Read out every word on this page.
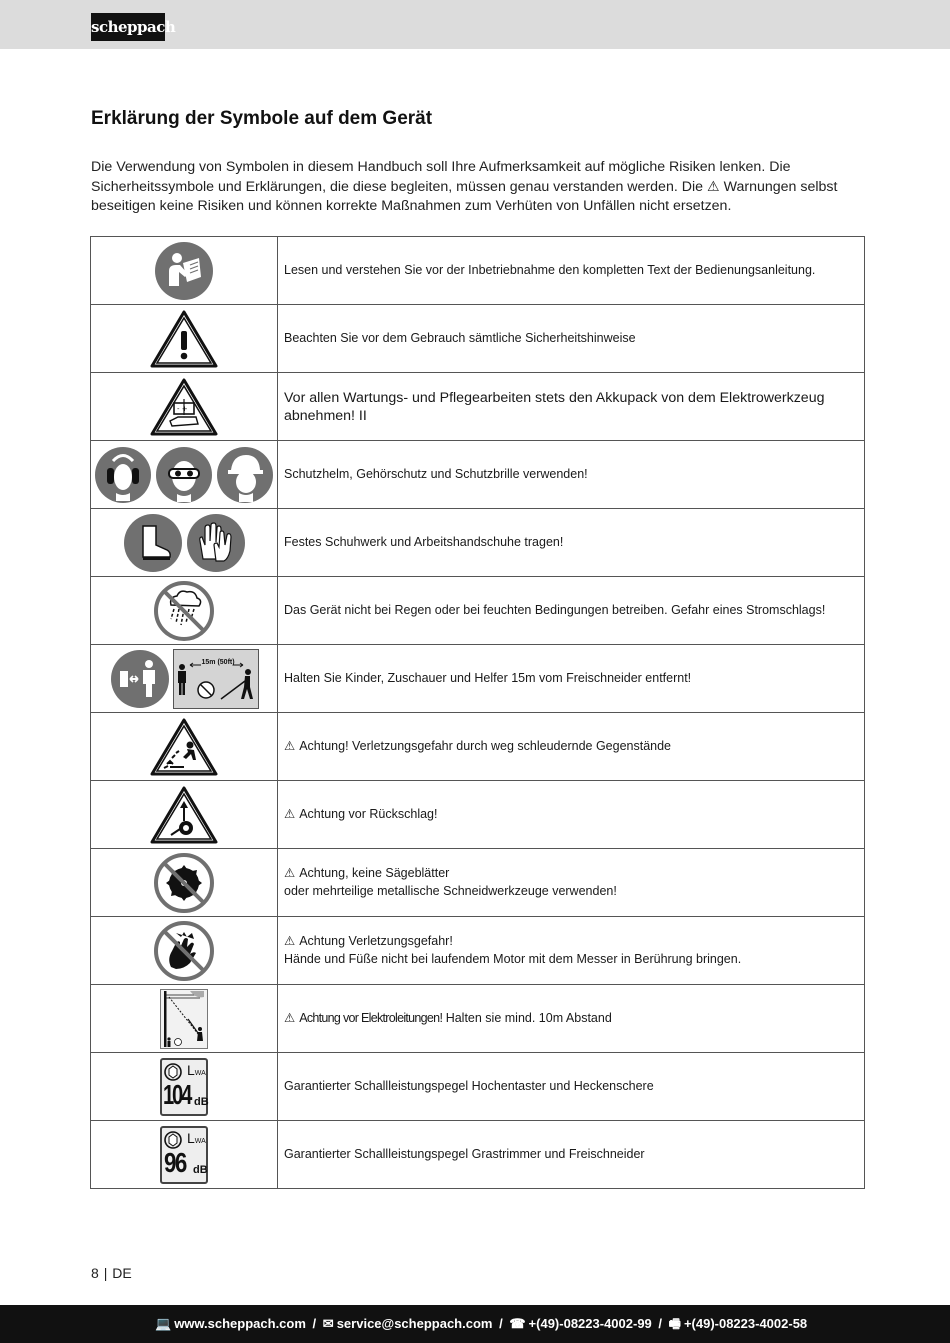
scheppach
Erklärung der Symbole auf dem Gerät

Die Verwendung von Symbolen in diesem Handbuch soll Ihre Aufmerksamkeit auf mögliche Risiken lenken. Die Sicherheitssymbole und Erklärungen, die diese begleiten, müssen genau verstanden werden. Die ⚠ Warnungen selbst beseitigen keine Risiken und können korrekte Maßnahmen zum Verhüten von Unfällen nicht ersetzen.

	Lesen und verstehen Sie vor der Inbetriebnahme den kompletten Text der Bedienungsanleitung.

	Beachten Sie vor dem Gebrauch sämtliche Sicherheitshinweise

- +	Vor allen Wartungs- und Pflegearbeiten stets den Akkupack von dem Elektrowerkzeug abnehmen! II

	Schutzhelm, Gehörschutz und Schutzbrille verwenden!

	Festes Schuhwerk und Arbeitshandschuhe tragen!

	Das Gerät nicht bei Regen oder bei feuchten Bedingungen betreiben. Gefahr eines Stromschlags!

15m (50ft)	Halten Sie Kinder, Zuschauer und Helfer 15m vom Freischneider entfernt!

	⚠ Achtung! Verletzungsgefahr durch weg schleudernde Gegenstände

	⚠ Achtung vor Rückschlag!

	⚠ Achtung, keine Sägeblätter
oder mehrteilige metallische Schneidwerkzeuge verwenden!

	⚠ Achtung Verletzungsgefahr!
Hände und Füße nicht bei laufendem Motor mit dem Messer in Berührung bringen.

	⚠ Achtung vor Elektroleitungen! Halten sie mind. 10m Abstand

LWA
104 dB	Garantierter Schallleistungspegel Hochentaster und Heckenschere

LWA
96 dB	Garantierter Schallleistungspegel Grastrimmer und Freischneider
8 | DE
💻 www.scheppach.com / ✉ service@scheppach.com / ☎ +(49)-08223-4002-99 / 🖷 +(49)-08223-4002-58
